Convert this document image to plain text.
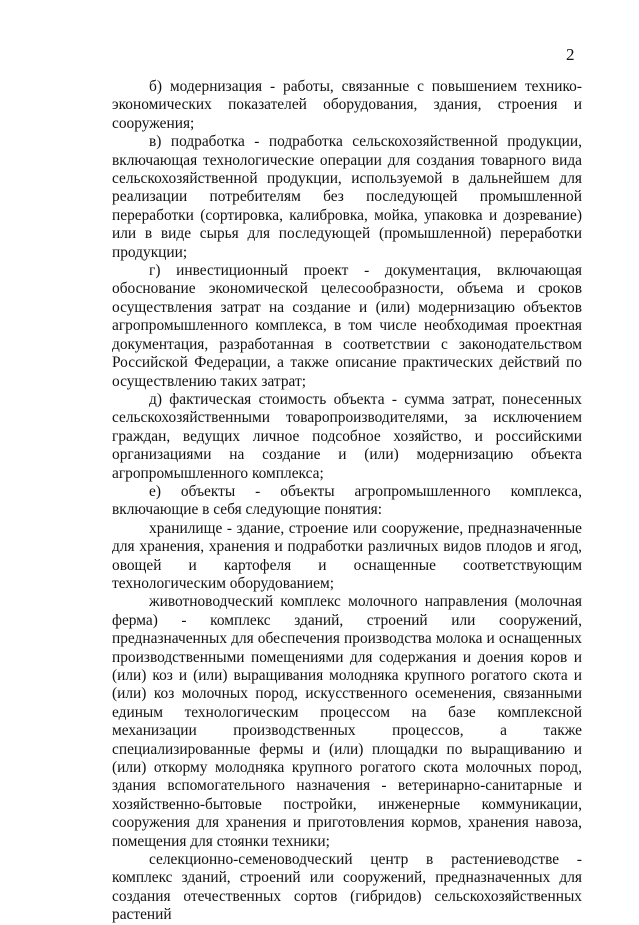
2

б) модернизация - работы, связанные с повышением технико-экономических показателей оборудования, здания, строения и сооружения;

в) подработка - подработка сельскохозяйственной продукции, включающая технологические операции для создания товарного вида сельскохозяйственной продукции, используемой в дальнейшем для реализации потребителям без последующей промышленной переработки (сортировка, калибровка, мойка, упаковка и дозревание) или в виде сырья для последующей (промышленной) переработки продукции;

г) инвестиционный проект - документация, включающая обоснование экономической целесообразности, объема и сроков осуществления затрат на создание и (или) модернизацию объектов агропромышленного комплекса, в том числе необходимая проектная документация, разработанная в соответствии с законодательством Российской Федерации, а также описание практических действий по осуществлению таких затрат;

д) фактическая стоимость объекта - сумма затрат, понесенных сельскохозяйственными товаропроизводителями, за исключением граждан, ведущих личное подсобное хозяйство, и российскими организациями на создание и (или) модернизацию объекта агропромышленного комплекса;

е) объекты - объекты агропромышленного комплекса, включающие в себя следующие понятия:

хранилище - здание, строение или сооружение, предназначенные для хранения, хранения и подработки различных видов плодов и ягод, овощей и картофеля и оснащенные соответствующим технологическим оборудованием;

животноводческий комплекс молочного направления (молочная ферма) - комплекс зданий, строений или сооружений, предназначенных для обеспечения производства молока и оснащенных производственными помещениями для содержания и доения коров и (или) коз и (или) выращивания молодняка крупного рогатого скота и (или) коз молочных пород, искусственного осеменения, связанными единым технологическим процессом на базе комплексной механизации производственных процессов, а также специализированные фермы и (или) площадки по выращиванию и (или) откорму молодняка крупного рогатого скота молочных пород, здания вспомогательного назначения - ветеринарно-санитарные и хозяйственно-бытовые постройки, инженерные коммуникации, сооружения для хранения и приготовления кормов, хранения навоза, помещения для стоянки техники;

селекционно-семеноводческий центр в растениеводстве - комплекс зданий, строений или сооружений, предназначенных для создания отечественных сортов (гибридов) сельскохозяйственных растений
